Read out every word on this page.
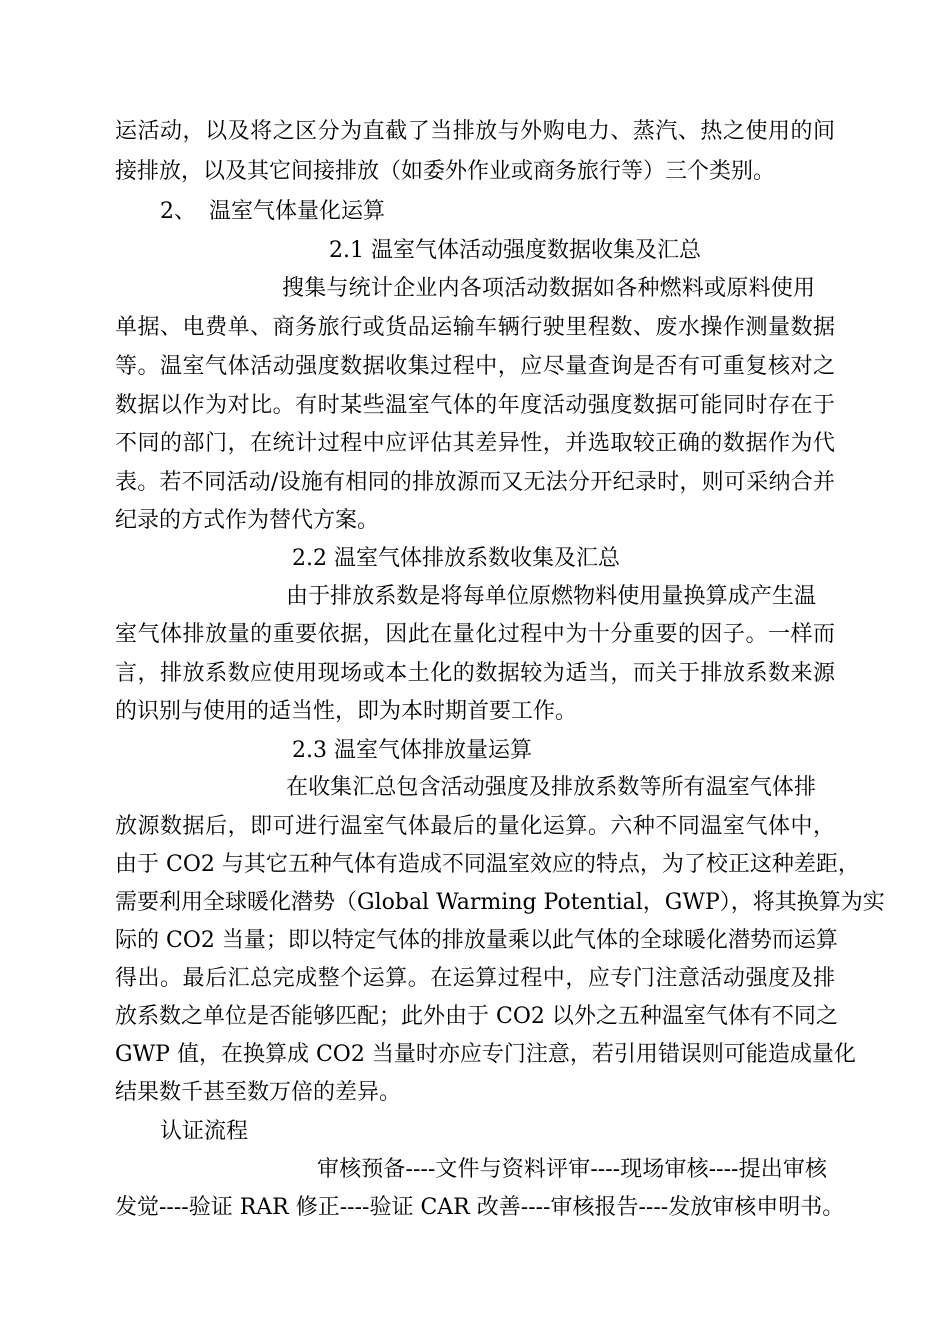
运活动，以及将之区分为直截了当排放与外购电力、蒸汽、热之使用的间

接排放，以及其它间接排放（如委外作业或商务旅行等）三个类别。

2、 温室气体量化运算

2.1 温室气体活动强度数据收集及汇总

搜集与统计企业内各项活动数据如各种燃料或原料使用

单据、电费单、商务旅行或货品运输车辆行驶里程数、废水操作测量数据

等。温室气体活动强度数据收集过程中，应尽量查询是否有可重复核对之

数据以作为对比。有时某些温室气体的年度活动强度数据可能同时存在于

不同的部门，在统计过程中应评估其差异性，并选取较正确的数据作为代

表。若不同活动/设施有相同的排放源而又无法分开纪录时，则可采纳合并

纪录的方式作为替代方案。

2.2 温室气体排放系数收集及汇总

由于排放系数是将每单位原燃物料使用量换算成产生温

室气体排放量的重要依据，因此在量化过程中为十分重要的因子。一样而

言，排放系数应使用现场或本土化的数据较为适当，而关于排放系数来源

的识别与使用的适当性，即为本时期首要工作。

2.3 温室气体排放量运算

在收集汇总包含活动强度及排放系数等所有温室气体排

放源数据后，即可进行温室气体最后的量化运算。六种不同温室气体中，

由于 CO2 与其它五种气体有造成不同温室效应的特点，为了校正这种差距，

需要利用全球暖化潜势（Global Warming Potential，GWP），将其换算为实

际的 CO2 当量；即以特定气体的排放量乘以此气体的全球暖化潜势而运算

得出。最后汇总完成整个运算。在运算过程中，应专门注意活动强度及排

放系数之单位是否能够匹配；此外由于 CO2 以外之五种温室气体有不同之

GWP 值，在换算成 CO2 当量时亦应专门注意，若引用错误则可能造成量化

结果数千甚至数万倍的差异。

认证流程

审核预备----文件与资料评审----现场审核----提出审核

发觉----验证 RAR 修正----验证 CAR 改善----审核报告----发放审核申明书。
